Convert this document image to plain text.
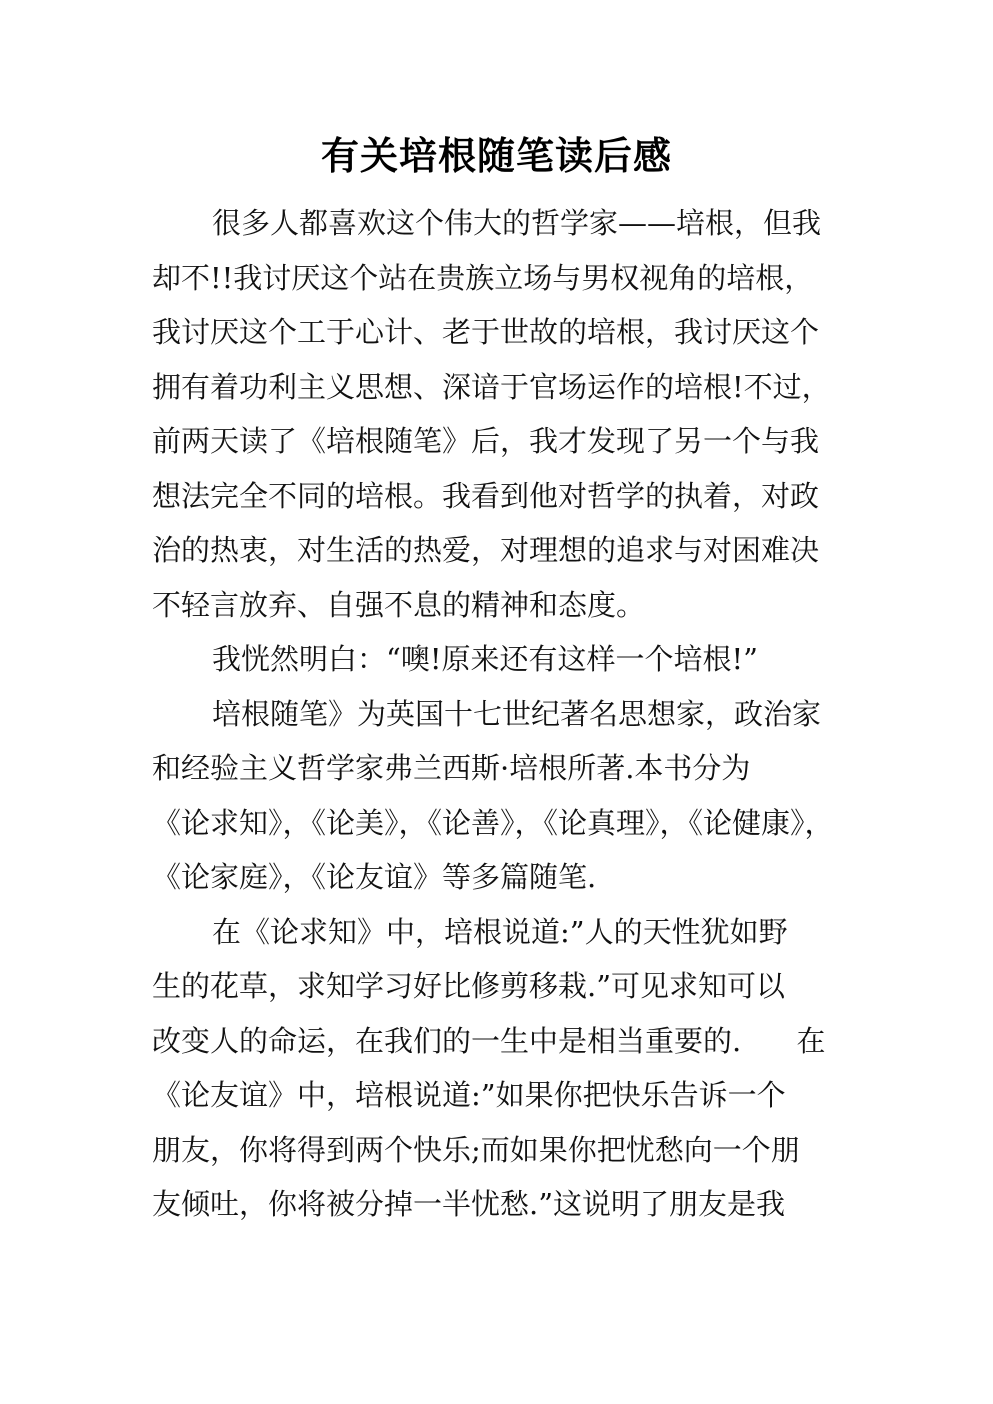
有关培根随笔读后感
很多人都喜欢这个伟大的哲学家——培根，但我
却不!!我讨厌这个站在贵族立场与男权视角的培根，
我讨厌这个工于心计、老于世故的培根，我讨厌这个
拥有着功利主义思想、深谙于官场运作的培根!不过，
前两天读了《培根随笔》后，我才发现了另一个与我
想法完全不同的培根。我看到他对哲学的执着，对政
治的热衷，对生活的热爱，对理想的追求与对困难决
不轻言放弃、自强不息的精神和态度。
我恍然明白：“噢!原来还有这样一个培根!”
培根随笔》为英国十七世纪著名思想家，政治家
和经验主义哲学家弗兰西斯·培根所著.本书分为
《论求知》，《论美》，《论善》，《论真理》，《论健康》，
《论家庭》，《论友谊》等多篇随笔.
在《论求知》中，培根说道:”人的天性犹如野
生的花草，求知学习好比修剪移栽.”可见求知可以
改变人的命运，在我们的一生中是相当重要的.      在
《论友谊》中，培根说道:”如果你把快乐告诉一个
朋友，你将得到两个快乐;而如果你把忧愁向一个朋
友倾吐，你将被分掉一半忧愁.”这说明了朋友是我
